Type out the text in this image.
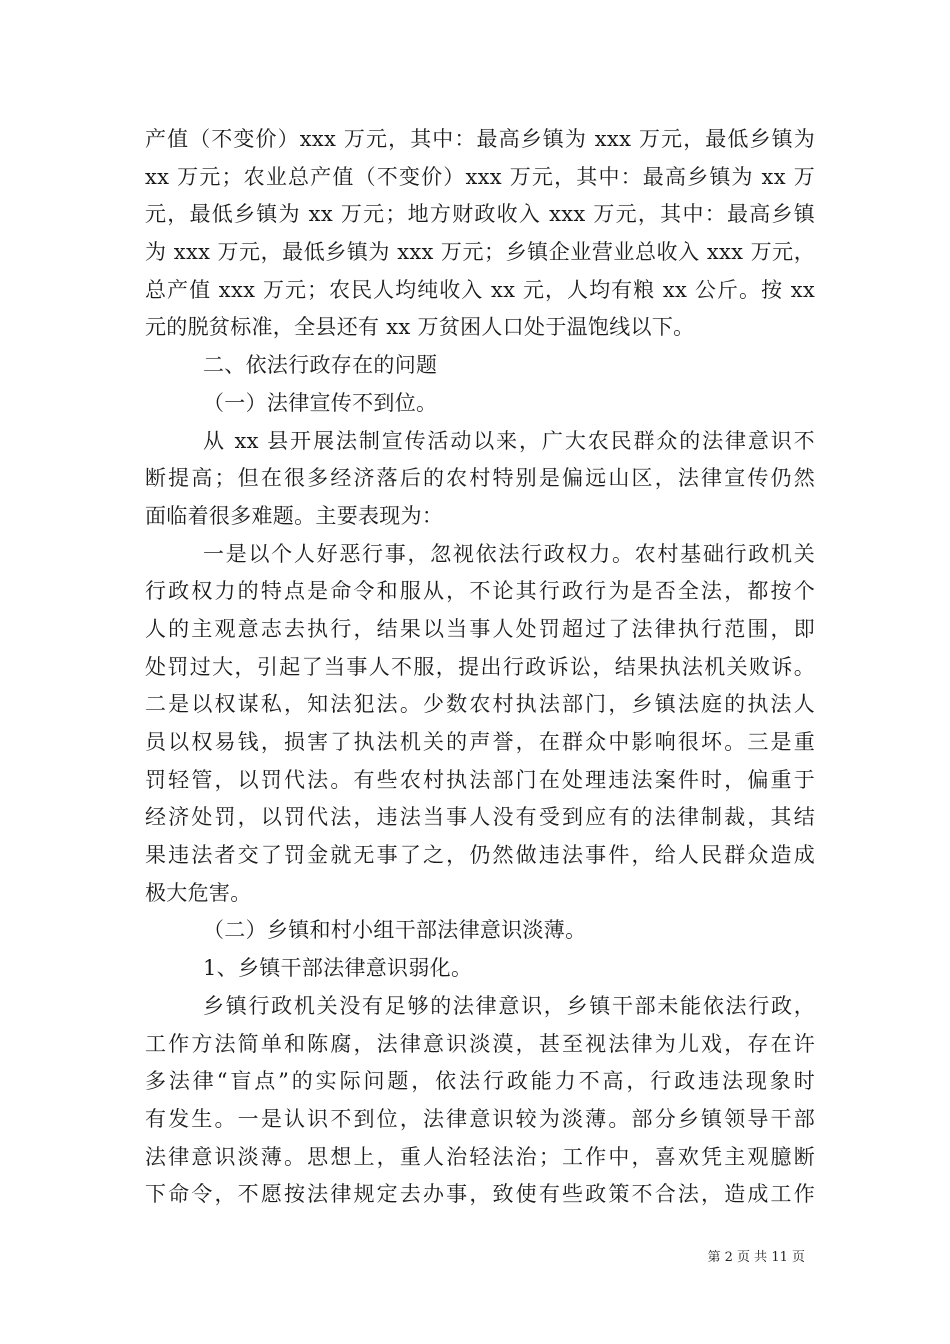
产值（不变价）xxx 万元，其中：最高乡镇为 xxx 万元，最低乡镇为
xx 万元；农业总产值（不变价）xxx 万元，其中：最高乡镇为 xx 万
元，最低乡镇为 xx 万元；地方财政收入 xxx 万元，其中：最高乡镇
为 xxx 万元，最低乡镇为 xxx 万元；乡镇企业营业总收入 xxx 万元，
总产值 xxx 万元；农民人均纯收入 xx 元，人均有粮 xx 公斤。按 xx
元的脱贫标准，全县还有 xx 万贫困人口处于温饱线以下。
二、依法行政存在的问题
（一）法律宣传不到位。
从 xx 县开展法制宣传活动以来，广大农民群众的法律意识不
断提高；但在很多经济落后的农村特别是偏远山区，法律宣传仍然
面临着很多难题。主要表现为：
一是以个人好恶行事，忽视依法行政权力。农村基础行政机关
行政权力的特点是命令和服从，不论其行政行为是否全法，都按个
人的主观意志去执行，结果以当事人处罚超过了法律执行范围，即
处罚过大，引起了当事人不服，提出行政诉讼，结果执法机关败诉。
二是以权谋私，知法犯法。少数农村执法部门，乡镇法庭的执法人
员以权易钱，损害了执法机关的声誉，在群众中影响很坏。三是重
罚轻管，以罚代法。有些农村执法部门在处理违法案件时，偏重于
经济处罚，以罚代法，违法当事人没有受到应有的法律制裁，其结
果违法者交了罚金就无事了之，仍然做违法事件，给人民群众造成
极大危害。
（二）乡镇和村小组干部法律意识淡薄。
1、乡镇干部法律意识弱化。
乡镇行政机关没有足够的法律意识，乡镇干部未能依法行政，
工作方法简单和陈腐，法律意识淡漠，甚至视法律为儿戏，存在许
多法律“盲点”的实际问题，依法行政能力不高，行政违法现象时
有发生。一是认识不到位，法律意识较为淡薄。部分乡镇领导干部
法律意识淡薄。思想上，重人治轻法治；工作中，喜欢凭主观臆断
下命令，不愿按法律规定去办事，致使有些政策不合法，造成工作
第 2 页 共 11 页
